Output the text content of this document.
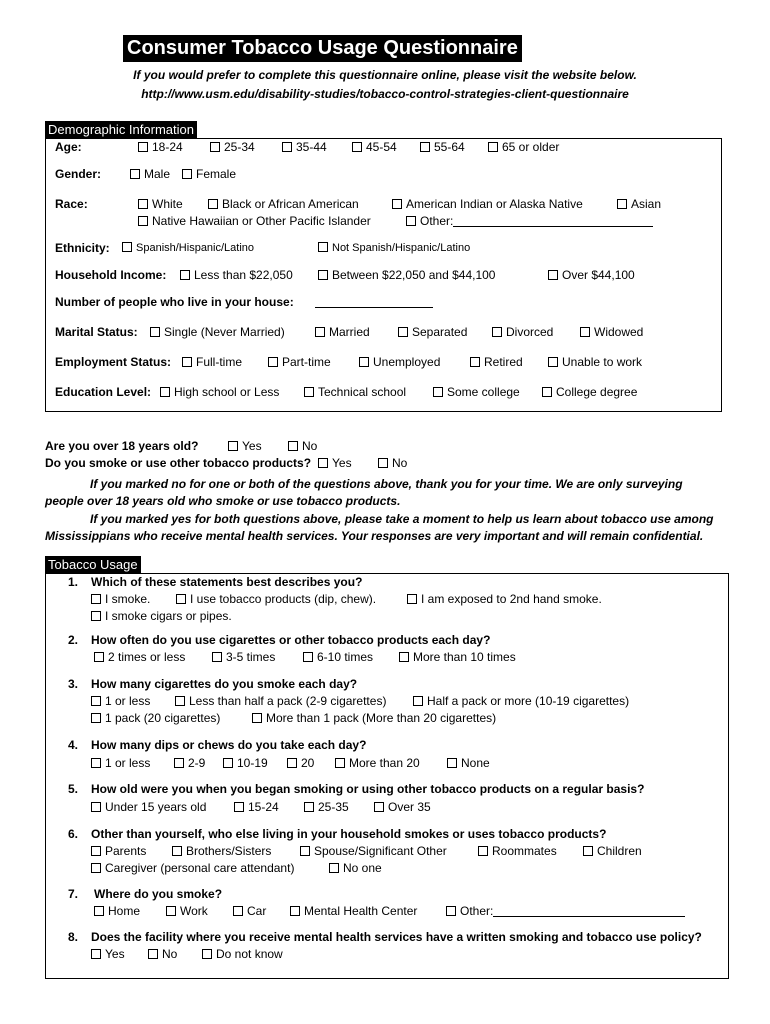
Consumer Tobacco Usage Questionnaire
If you would prefer to complete this questionnaire online, please visit the website below.
http://www.usm.edu/disability-studies/tobacco-control-strategies-client-questionnaire
Demographic Information
Age:	18-24	25-34	35-44	45-54	55-64	65 or older
Gender:	Male	Female
Race:	White	Black or African American	American Indian or Alaska Native	Asian
Native Hawaiian or Other Pacific Islander	Other:
Ethnicity:	Spanish/Hispanic/Latino	Not Spanish/Hispanic/Latino
Household Income:	Less than $22,050	Between $22,050 and $44,100	Over $44,100
Number of people who live in your house:
Marital Status:	Single (Never Married)	Married	Separated	Divorced	Widowed
Employment Status:	Full-time	Part-time	Unemployed	Retired	Unable to work
Education Level:	High school or Less	Technical school	Some college	College degree
Are you over 18 years old?	Yes	No
Do you smoke or use other tobacco products?	Yes	No
If you marked no for one or both of the questions above, thank you for your time. We are only surveying
people over 18 years old who smoke or use tobacco products.
If you marked yes for both questions above, please take a moment to help us learn about tobacco use among
Mississippians who receive mental health services. Your responses are very important and will remain confidential.
Tobacco Usage
1. Which of these statements best describes you?
I smoke.	I use tobacco products (dip, chew).	I am exposed to 2nd hand smoke.
I smoke cigars or pipes.
2. How often do you use cigarettes or other tobacco products each day?
2 times or less	3-5 times	6-10 times	More than 10 times
3. How many cigarettes do you smoke each day?
1 or less	Less than half a pack (2-9 cigarettes)	Half a pack or more (10-19 cigarettes)
1 pack (20 cigarettes)	More than 1 pack (More than 20 cigarettes)
4. How many dips or chews do you take each day?
1 or less	2-9	10-19	20	More than 20	None
5. How old were you when you began smoking or using other tobacco products on a regular basis?
Under 15 years old	15-24	25-35	Over 35
6. Other than yourself, who else living in your household smokes or uses tobacco products?
Parents	Brothers/Sisters	Spouse/Significant Other	Roommates	Children
Caregiver (personal care attendant)	No one
7. Where do you smoke?
Home	Work	Car	Mental Health Center	Other:
8. Does the facility where you receive mental health services have a written smoking and tobacco use policy?
Yes	No	Do not know
